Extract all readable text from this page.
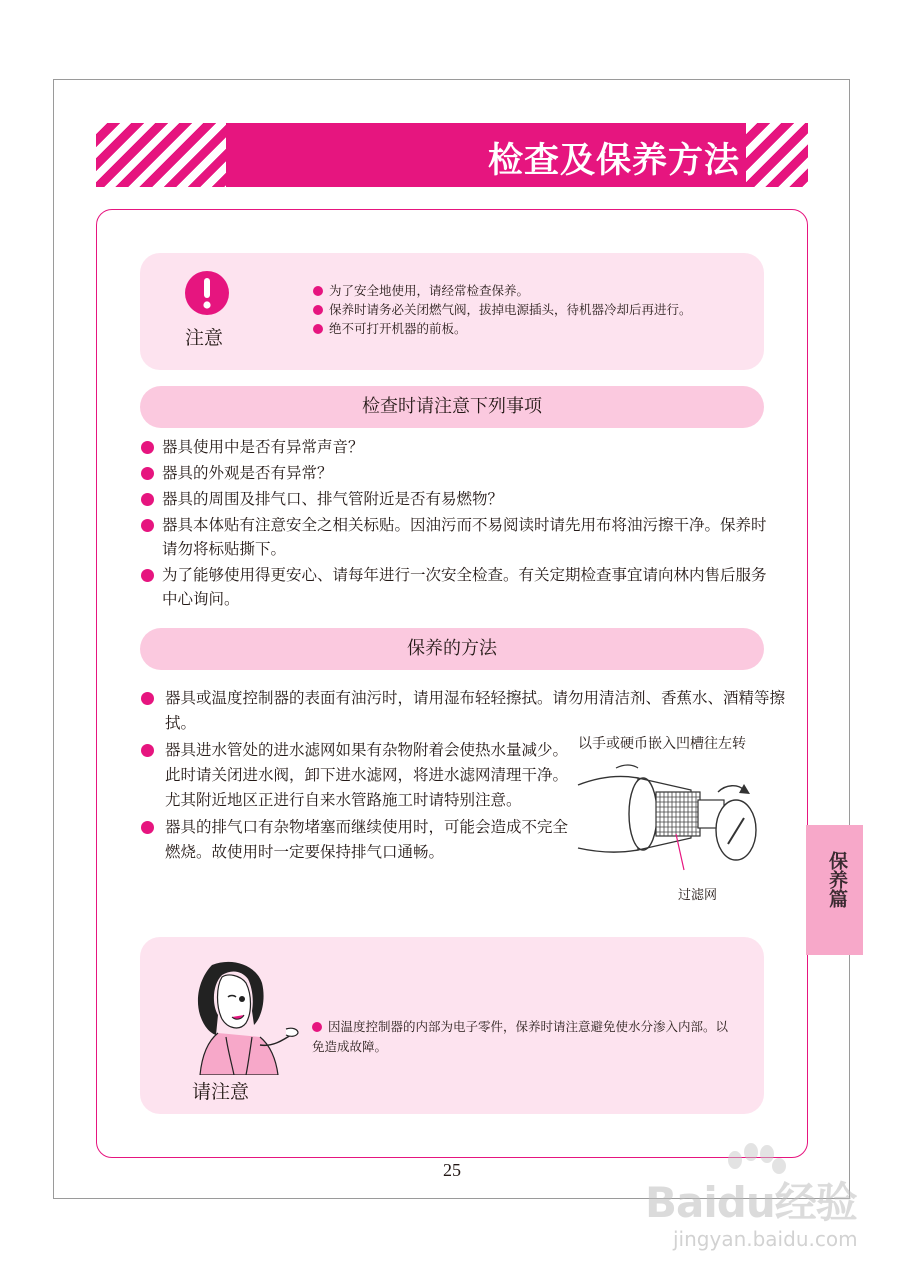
检查及保养方法
注意
为了安全地使用，请经常检查保养。
保养时请务必关闭燃气阀，拔掉电源插头，待机器冷却后再进行。
绝不可打开机器的前板。
检查时请注意下列事项
器具使用中是否有异常声音？
器具的外观是否有异常？
器具的周围及排气口、排气管附近是否有易燃物？
器具本体贴有注意安全之相关标贴。因油污而不易阅读时请先用布将油污擦干净。保养时请勿将标贴撕下。
为了能够使用得更安心、请每年进行一次安全检查。有关定期检查事宜请向林内售后服务中心询问。
保养的方法
器具或温度控制器的表面有油污时，请用湿布轻轻擦拭。请勿用清洁剂、香蕉水、酒精等擦拭。
器具进水管处的进水滤网如果有杂物附着会使热水量减少。此时请关闭进水阀，卸下进水滤网，将进水滤网清理干净。尤其附近地区正进行自来水管路施工时请特别注意。
器具的排气口有杂物堵塞而继续使用时，可能会造成不完全燃烧。故使用时一定要保持排气口通畅。
以手或硬币嵌入凹槽往左转
过滤网	保养篇
请注意
因温度控制器的内部为电子零件，保养时请注意避免使水分渗入内部。以免造成故障。
25
Baidu经验
jingyan.baidu.com
